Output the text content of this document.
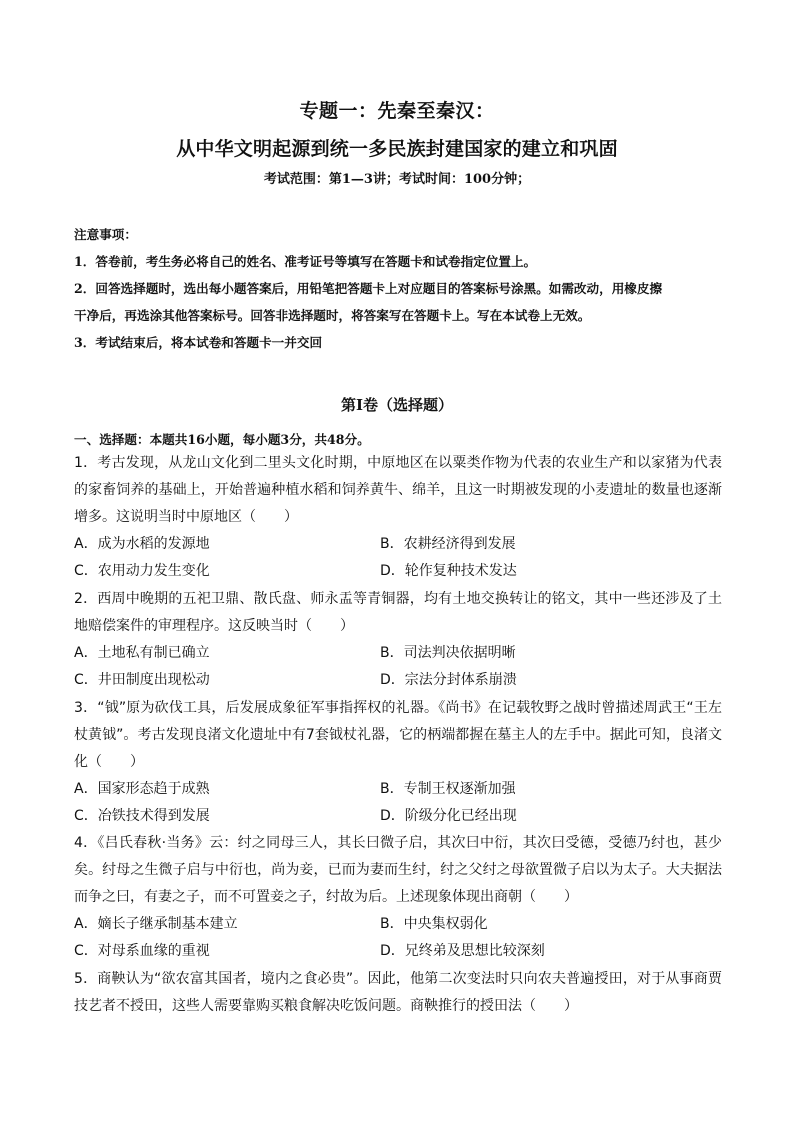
专题一：先秦至秦汉：
从中华文明起源到统一多民族封建国家的建立和巩固
考试范围：第1—3讲；考试时间：100分钟；
注意事项：
1．答卷前，考生务必将自己的姓名、准考证号等填写在答题卡和试卷指定位置上。
2．回答选择题时，选出每小题答案后，用铅笔把答题卡上对应题目的答案标号涂黑。如需改动，用橡皮擦
干净后，再选涂其他答案标号。回答非选择题时，将答案写在答题卡上。写在本试卷上无效。
3．考试结束后，将本试卷和答题卡一并交回
第I卷（选择题）
一、选择题：本题共16小题，每小题3分，共48分。
1．考古发现，从龙山文化到二里头文化时期，中原地区在以粟类作物为代表的农业生产和以家猪为代表的家畜饲养的基础上，开始普遍种植水稻和饲养黄牛、绵羊，且这一时期被发现的小麦遗址的数量也逐渐增多。这说明当时中原地区（　　）
A．成为水稻的发源地	B．农耕经济得到发展
C．农用动力发生变化	D．轮作复种技术发达
2．西周中晚期的五祀卫鼎、散氏盘、师永盂等青铜器，均有土地交换转让的铭文，其中一些还涉及了土地赔偿案件的审理程序。这反映当时（　　）
A．土地私有制已确立	B．司法判决依据明晰
C．井田制度出现松动	D．宗法分封体系崩溃
3．“钺”原为砍伐工具，后发展成象征军事指挥权的礼器。《尚书》在记载牧野之战时曾描述周武王“王左杖黄钺”。考古发现良渚文化遗址中有7套钺杖礼器，它的柄端都握在墓主人的左手中。据此可知，良渚文化（　　）
A．国家形态趋于成熟	B．专制王权逐渐加强
C．冶铁技术得到发展	D．阶级分化已经出现
4．《吕氏春秋·当务》云：纣之同母三人，其长曰微子启，其次曰中衍，其次曰受德，受德乃纣也，甚少矣。纣母之生微子启与中衍也，尚为妾，已而为妻而生纣，纣之父纣之母欲置微子启以为太子。大夫据法而争之曰，有妻之子，而不可置妾之子，纣故为后。上述现象体现出商朝（　　）
A．嫡长子继承制基本建立	B．中央集权弱化
C．对母系血缘的重视	D．兄终弟及思想比较深刻
5．商鞅认为“欲农富其国者，境内之食必贵”。因此，他第二次变法时只向农夫普遍授田，对于从事商贾技艺者不授田，这些人需要靠购买粮食解决吃饭问题。商鞅推行的授田法（　　）
